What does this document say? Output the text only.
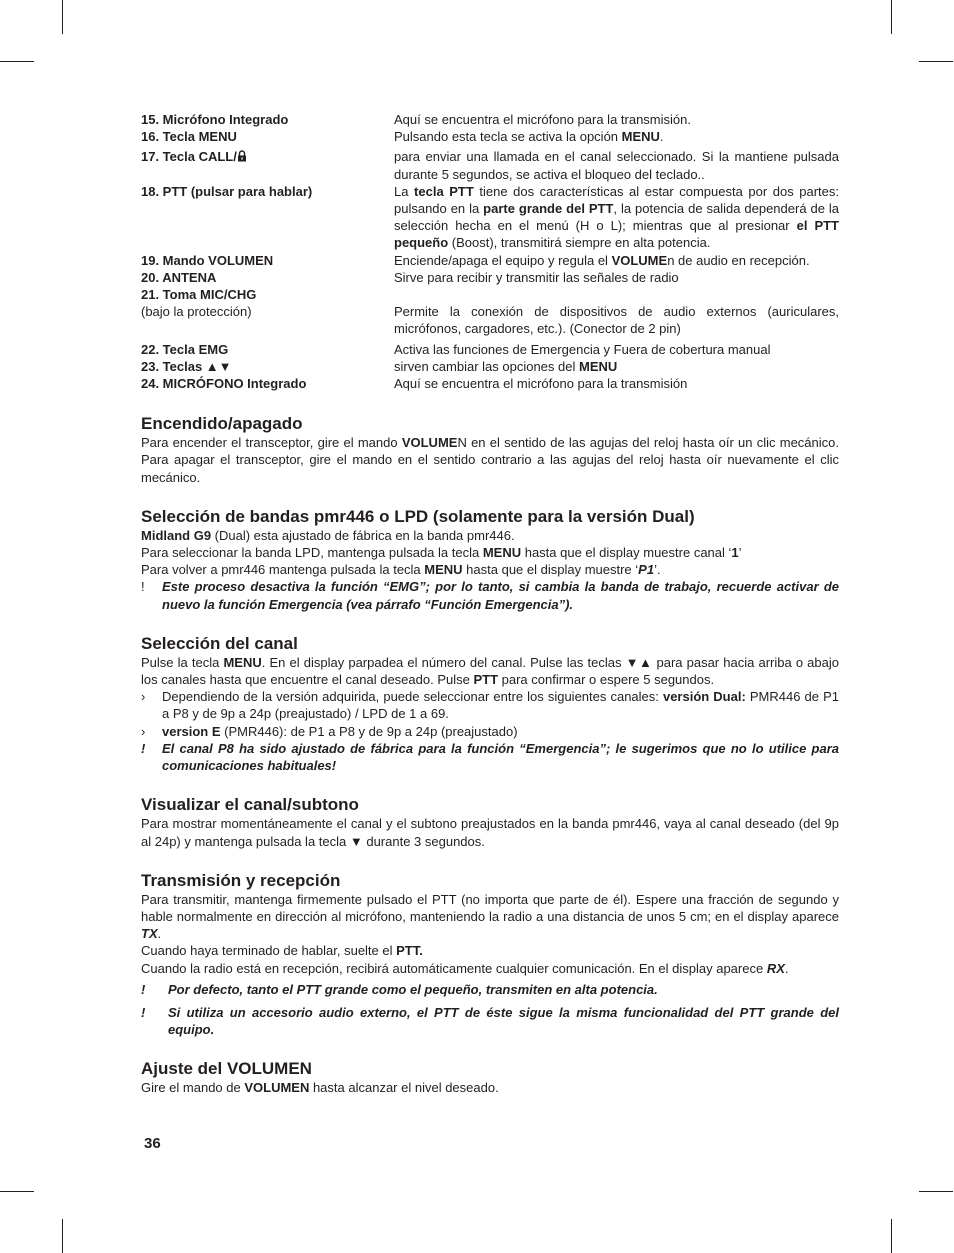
15. Micrófono Integrado	Aquí se encuentra el micrófono para la transmisión.
16. Tecla MENU	Pulsando esta tecla se activa la opción MENU.
17. Tecla CALL/	para enviar una llamada en el canal seleccionado. Si la mantiene pulsada durante 5 segundos, se activa el bloqueo del teclado..
18. PTT (pulsar para hablar)	La tecla PTT tiene dos características al estar compuesta por dos partes: pulsando en la parte grande del PTT, la potencia de salida dependerá de la selección hecha en el menú (H o L); mientras que al presionar el PTT pequeño (Boost), transmitirá siempre en alta potencia.
19. Mando VOLUMEN	Enciende/apaga el equipo y regula el VOLUMEn de audio en recepción.
20. ANTENA	Sirve para recibir y transmitir las señales de radio
21. Toma MIC/CHG

(bajo la protección)	Permite la conexión de dispositivos de audio externos (auriculares, micrófonos, cargadores, etc.). (Conector de 2 pin)
22. Tecla EMG	Activa las funciones de Emergencia y Fuera de cobertura manual
23. Teclas ▲▼	sirven cambiar las opciones del MENU
24. MICRÓFONO Integrado	Aquí se encuentra el micrófono para la transmisión
Encendido/apagado

Para encender el transceptor, gire el mando VOLUMEN en el sentido de las agujas del reloj hasta oír un clic mecánico. Para apagar el transceptor, gire el mando en el sentido contrario a las agujas del reloj hasta oír nuevamente el clic mecánico.

Selección de bandas pmr446 o LPD (solamente para la versión Dual)

Midland G9 (Dual) esta ajustado de fábrica en la banda pmr446.

Para seleccionar la banda LPD, mantenga pulsada la tecla MENU hasta que el display muestre canal ‘1’

Para volver a pmr446 mantenga pulsada la tecla MENU hasta que el display muestre ‘P1’.

!	Este proceso desactiva la función “EMG”; por lo tanto, si cambia la banda de trabajo, recuerde activar de nuevo la función Emergencia (vea párrafo “Función Emergencia”).
Selección del canal

Pulse la tecla MENU. En el display parpadea el número del canal. Pulse las teclas ▼▲ para pasar hacia arriba o abajo los canales hasta que encuentre el canal deseado. Pulse PTT para confirmar o espere 5 segundos.

›	Dependiendo de la versión adquirida, puede seleccionar entre los siguientes canales: versión Dual: PMR446 de P1 a P8 y de 9p a 24p (preajustado) / LPD de 1 a 69.
›	version E (PMR446): de P1 a P8 y de 9p a 24p (preajustado)
!	El canal P8 ha sido ajustado de fábrica para la función “Emergencia”; le sugerimos que no lo utilice para comunicaciones habituales!
Visualizar el canal/subtono

Para mostrar momentáneamente el canal y el subtono preajustados en la banda pmr446, vaya al canal deseado (del 9p al 24p) y mantenga pulsada la tecla ▼ durante 3 segundos.

Transmisión y recepción

Para transmitir, mantenga firmemente pulsado el PTT (no importa que parte de él). Espere una fracción de segundo y hable normalmente en dirección al micrófono, manteniendo la radio a una distancia de unos 5 cm; en el display aparece TX.

Cuando haya terminado de hablar, suelte el PTT.

Cuando la radio está en recepción, recibirá automáticamente cualquier comunicación. En el display aparece RX.

!	Por defecto, tanto el PTT grande como el pequeño, transmiten en alta potencia.
!	Si utiliza un accesorio audio externo, el PTT de éste sigue la misma funcionalidad del PTT grande del equipo.
Ajuste del VOLUMEN

Gire el mando de VOLUMEN hasta alcanzar el nivel deseado.

36
